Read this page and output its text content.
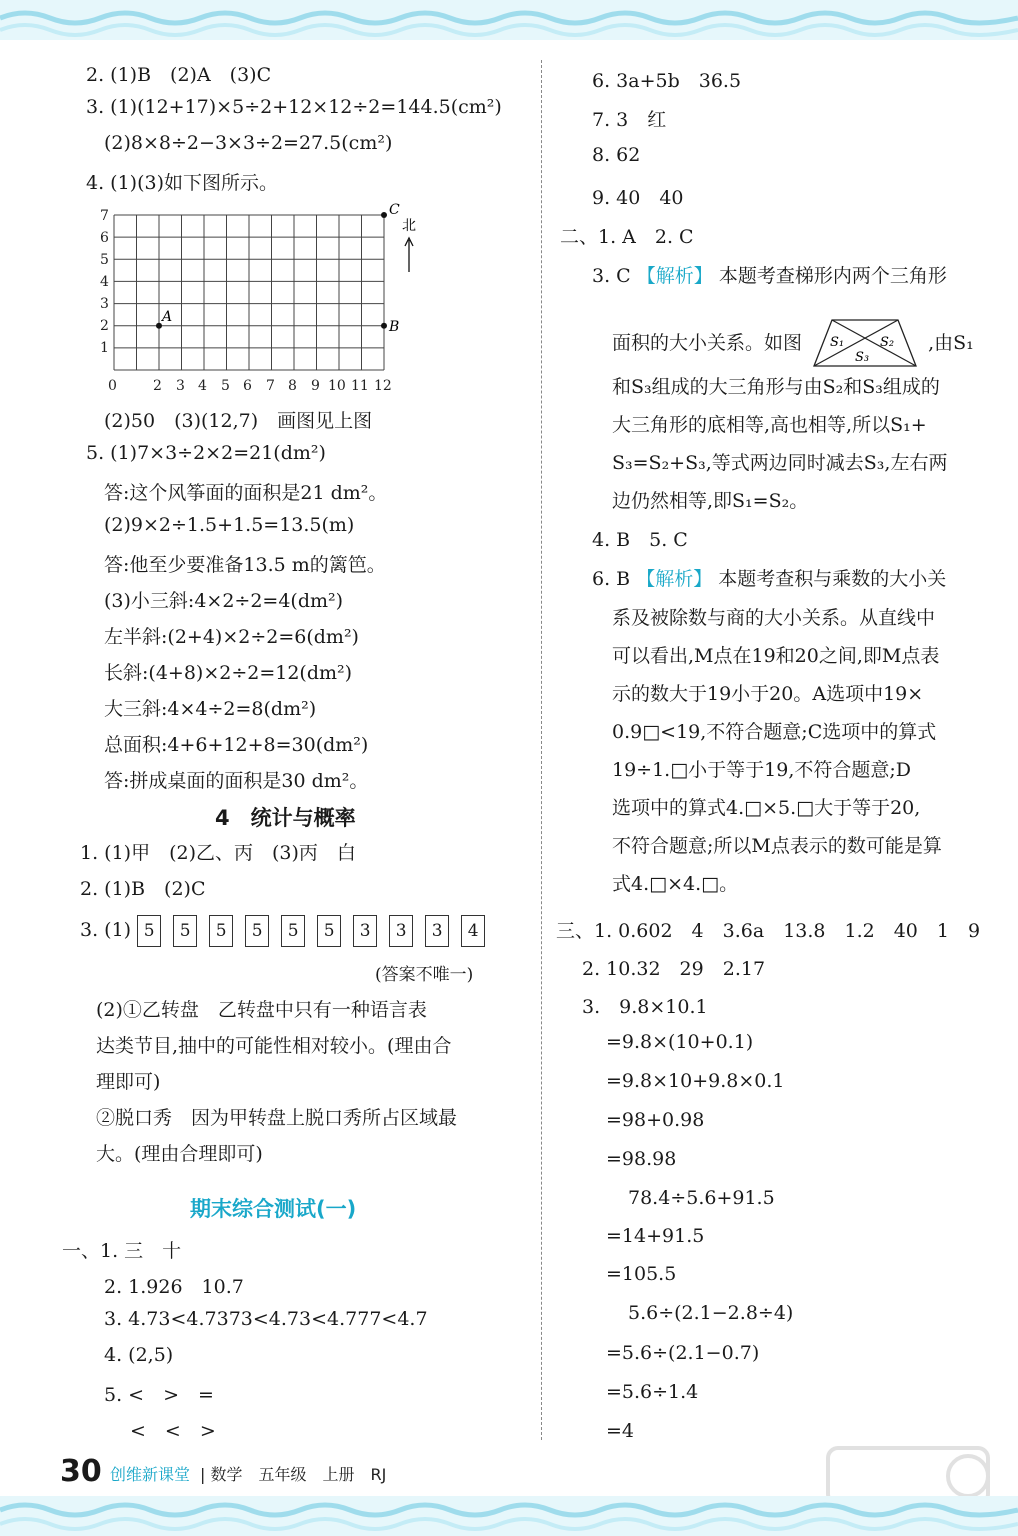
2. (1)B　(2)A　(3)C
3. (1)(12+17)×5÷2+12×12÷2=144.5(cm²)
(2)8×8÷2−3×3÷2=27.5(cm²)
4. (1)(3)如下图所示。
7
6
5
4
3
2
1
0	2 3 4 5 6 7 8 9 10 11 12
A
B
C
北
(2)50　(3)(12,7)　画图见上图
5. (1)7×3÷2×2=21(dm²)
答:这个风筝面的面积是21 dm²。
(2)9×2÷1.5+1.5=13.5(m)
答:他至少要准备13.5 m的篱笆。
(3)小三斜:4×2÷2=4(dm²)
左半斜:(2+4)×2÷2=6(dm²)
长斜:(4+8)×2÷2=12(dm²)
大三斜:4×4÷2=8(dm²)
总面积:4+6+12+8=30(dm²)
答:拼成桌面的面积是30 dm²。
4　统计与概率
1. (1)甲　(2)乙、丙　(3)丙　白
2. (1)B　(2)C
3. (1) 5 5 5 5 5 5 3 3 3 4
(答案不唯一)
(2)①乙转盘　乙转盘中只有一种语言表
达类节目,抽中的可能性相对较小。(理由合
理即可)
②脱口秀　因为甲转盘上脱口秀所占区域最
大。(理由合理即可)
期末综合测试(一)
一、1. 三　十
2. 1.926　10.7
3. 4.73<4.7373<4.73<4.777<4.7
4. (2,5)
5. <　>　=
<　<　>
6. 3a+5b　36.5
7. 3　红
8. 62
9. 40　40
二、1. A　2. C
3. C 【解析】 本题考查梯形内两个三角形
面积的大小关系。如图 S₁	S₂
S₃
,由S₁
和S₃组成的大三角形与由S₂和S₃组成的
大三角形的底相等,高也相等,所以S₁+
S₃=S₂+S₃,等式两边同时减去S₃,左右两
边仍然相等,即S₁=S₂。
4. B　5. C
6. B 【解析】 本题考查积与乘数的大小关
系及被除数与商的大小关系。从直线中
可以看出,M点在19和20之间,即M点表
示的数大于19小于20。A选项中19×
0.9□<19,不符合题意;C选项中的算式
19÷1.□小于等于19,不符合题意;D
选项中的算式4.□×5.□大于等于20,
不符合题意;所以M点表示的数可能是算
式4.□×4.□。
三、1. 0.602　4　3.6a　13.8　1.2　40　1　9
2. 10.32　29　2.17
3.　9.8×10.1
=9.8×(10+0.1)
=9.8×10+9.8×0.1
=98+0.98
=98.98
78.4÷5.6+91.5
=14+91.5
=105.5
5.6÷(2.1−2.8÷4)
=5.6÷(2.1−0.7)
=5.6÷1.4
=4
30 创维新课堂 | 数学　五年级　上册　RJ
